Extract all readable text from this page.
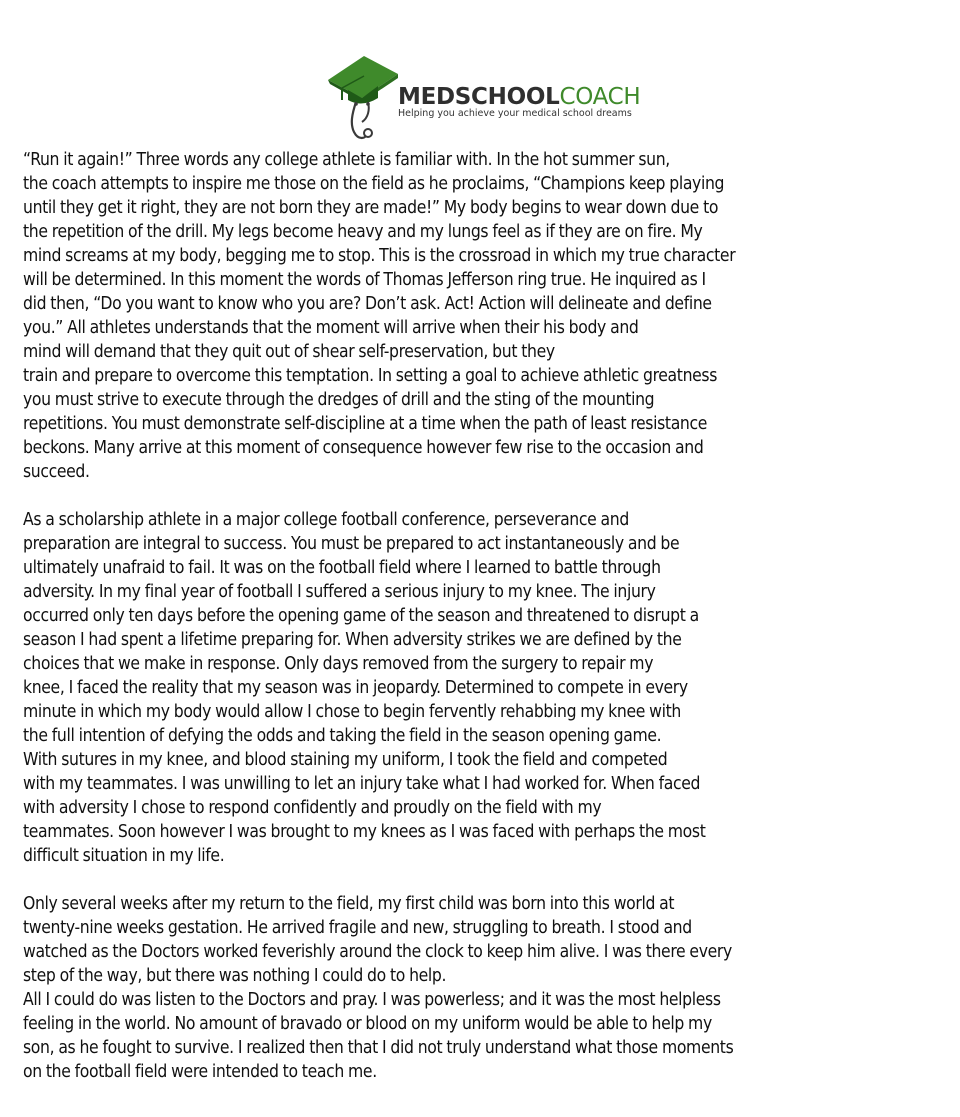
MEDSCHOOLCOACH
Helping you achieve your medical school dreams

“Run it again!” Three words any college athlete is familiar with. In the hot summer sun,
the coach attempts to inspire me those on the field as he proclaims, “Champions keep playing
until they get it right, they are not born they are made!” My body begins to wear down due to
the repetition of the drill. My legs become heavy and my lungs feel as if they are on fire. My
mind screams at my body, begging me to stop. This is the crossroad in which my true character
will be determined. In this moment the words of Thomas Jefferson ring true. He inquired as I
did then, “Do you want to know who you are? Don’t ask. Act! Action will delineate and define
you.” All athletes understands that the moment will arrive when their his body and
mind will demand that they quit out of shear self-preservation, but they
train and prepare to overcome this temptation. In setting a goal to achieve athletic greatness
you must strive to execute through the dredges of drill and the sting of the mounting
repetitions. You must demonstrate self-discipline at a time when the path of least resistance
beckons. Many arrive at this moment of consequence however few rise to the occasion and
succeed.

As a scholarship athlete in a major college football conference, perseverance and
preparation are integral to success. You must be prepared to act instantaneously and be
ultimately unafraid to fail. It was on the football field where I learned to battle through
adversity. In my final year of football I suffered a serious injury to my knee. The injury
occurred only ten days before the opening game of the season and threatened to disrupt a
season I had spent a lifetime preparing for. When adversity strikes we are defined by the
choices that we make in response. Only days removed from the surgery to repair my
knee, I faced the reality that my season was in jeopardy. Determined to compete in every
minute in which my body would allow I chose to begin fervently rehabbing my knee with
the full intention of defying the odds and taking the field in the season opening game.
With sutures in my knee, and blood staining my uniform, I took the field and competed
with my teammates. I was unwilling to let an injury take what I had worked for. When faced
with adversity I chose to respond confidently and proudly on the field with my
teammates. Soon however I was brought to my knees as I was faced with perhaps the most
difficult situation in my life.

Only several weeks after my return to the field, my first child was born into this world at
twenty-nine weeks gestation. He arrived fragile and new, struggling to breath. I stood and
watched as the Doctors worked feverishly around the clock to keep him alive. I was there every
step of the way, but there was nothing I could do to help.
All I could do was listen to the Doctors and pray. I was powerless; and it was the most helpless
feeling in the world. No amount of bravado or blood on my uniform would be able to help my
son, as he fought to survive. I realized then that I did not truly understand what those moments
on the football field were intended to teach me.
